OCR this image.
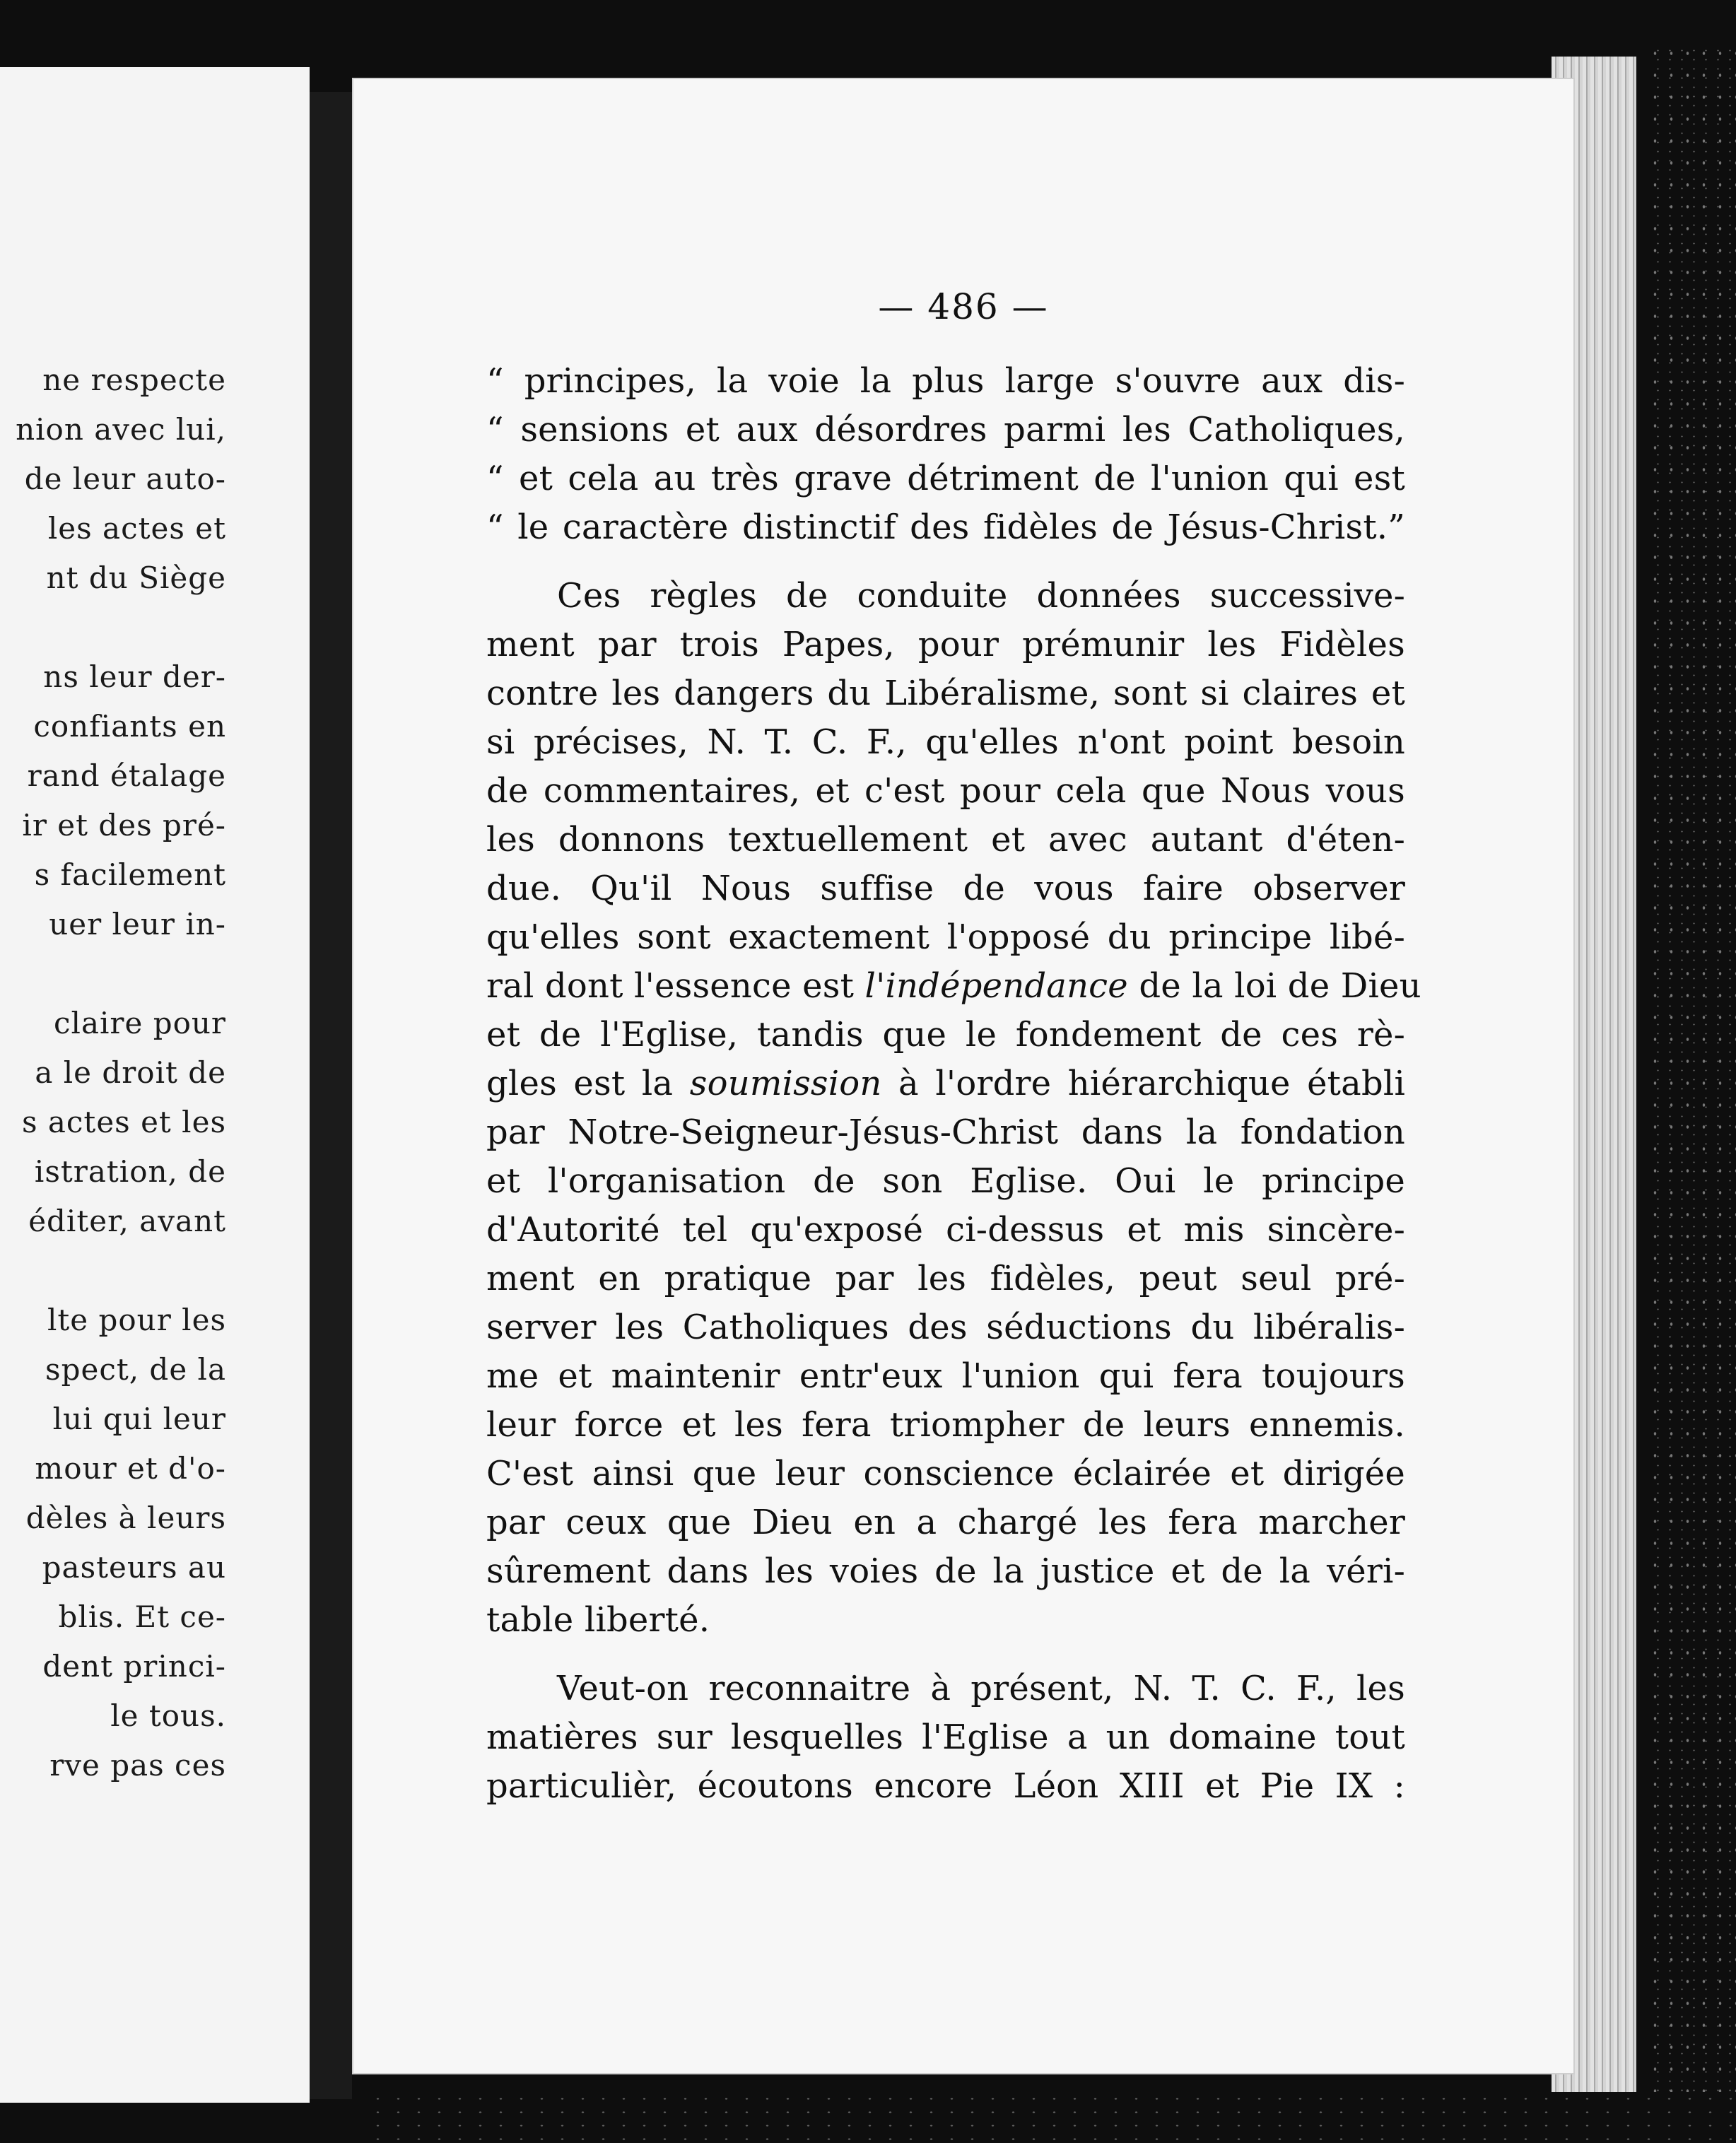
ne respecte
nion avec lui,
de leur auto-
les actes et
nt du Siège
ns leur der-
confiants en
rand étalage
ir et des pré-
s facilement
uer leur in-
claire pour
a le droit de
s actes et les
istration, de
éditer, avant
lte pour les
spect, de la
lui qui leur
mour et d'o-
dèles à leurs
pasteurs au
blis. Et ce-
dent princi-
le tous.
rve pas ces
— 486 —
“ principes, la voie la plus large s'ouvre aux dis-
“ sensions et aux désordres parmi les Catholiques,
“ et cela au très grave détriment de l'union qui est
“ le caractère distinctif des fidèles de Jésus-Christ.”
Ces règles de conduite données successive-
ment par trois Papes, pour prémunir les Fidèles
contre les dangers du Libéralisme, sont si claires et
si précises, N. T. C. F., qu'elles n'ont point besoin
de commentaires, et c'est pour cela que Nous vous
les donnons textuellement et avec autant d'éten-
due. Qu'il Nous suffise de vous faire observer
qu'elles sont exactement l'opposé du principe libé-
ral dont l'essence est l'indépendance de la loi de Dieu
et de l'Eglise, tandis que le fondement de ces rè-
gles est la soumission à l'ordre hiérarchique établi
par Notre-Seigneur-Jésus-Christ dans la fondation
et l'organisation de son Eglise. Oui le principe
d'Autorité tel qu'exposé ci-dessus et mis sincère-
ment en pratique par les fidèles, peut seul pré-
server les Catholiques des séductions du libéralis-
me et maintenir entr'eux l'union qui fera toujours
leur force et les fera triompher de leurs ennemis.
C'est ainsi que leur conscience éclairée et dirigée
par ceux que Dieu en a chargé les fera marcher
sûrement dans les voies de la justice et de la véri-
table liberté.
Veut-on reconnaitre à présent, N. T. C. F., les
matières sur lesquelles l'Eglise a un domaine tout
particulièr, écoutons encore Léon XIII et Pie IX :
